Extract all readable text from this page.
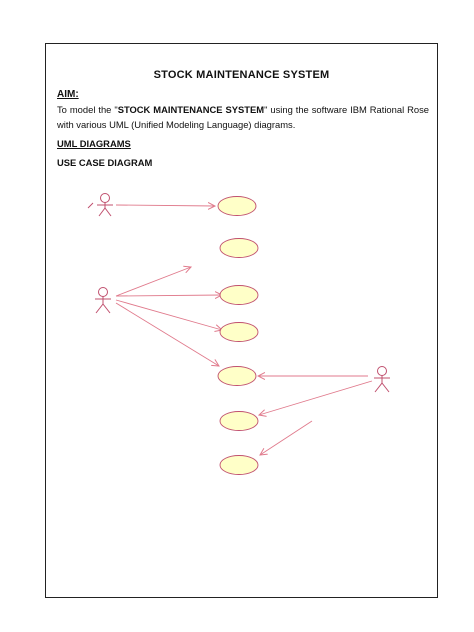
STOCK MAINTENANCE SYSTEM
AIM:
To model the "STOCK MAINTENANCE SYSTEM" using the software IBM Rational Rose with various UML (Unified Modeling Language) diagrams.
UML DIAGRAMS
USE CASE DIAGRAM
